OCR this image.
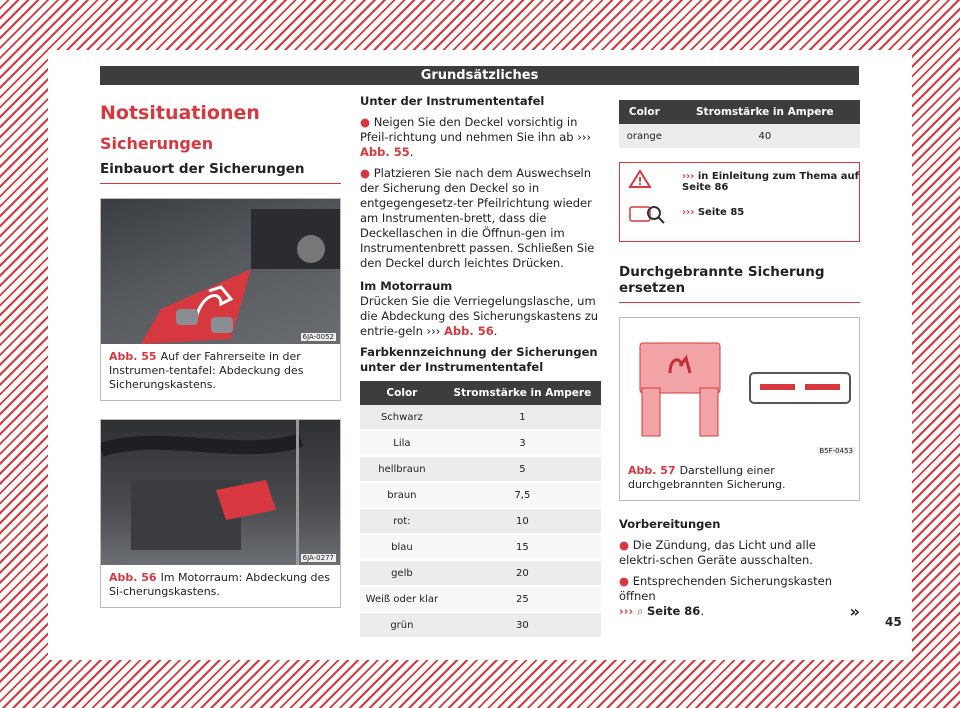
Grundsätzliches
Notsituationen
Sicherungen
Einbauort der Sicherungen
6JA-0052
Abb. 55 Auf der Fahrerseite in der Instrumen-tentafel: Abdeckung des Sicherungskastens.
6JA-0277
Abb. 56 Im Motorraum: Abdeckung des Si-cherungskastens.

Unter der Instrumententafel

● Neigen Sie den Deckel vorsichtig in Pfeil-richtung und nehmen Sie ihn ab ››› Abb. 55.

● Platzieren Sie nach dem Auswechseln der Sicherung den Deckel so in entgegengesetz-ter Pfeilrichtung wieder am Instrumenten-brett, dass die Deckellaschen in die Öffnun-gen im Instrumentenbrett passen. Schließen Sie den Deckel durch leichtes Drücken.

Im Motorraum
Drücken Sie die Verriegelungslasche, um die Abdeckung des Sicherungskastens zu entrie-geln ››› Abb. 56.

Farbkennzeichnung der Sicherungen unter der Instrumententafel

Color	Stromstärke in Ampere
Schwarz	1
Lila	3
hellbraun	5
braun	7,5
rot:	10
blau	15
gelb	20
Weiß oder klar	25
grün	30
Color	Stromstärke in Ampere
orange	40
!	››› in Einleitung zum Thema auf Seite 86
››› Seite 85
Durchgebrannte Sicherung ersetzen
B5F-0453
Abb. 57 Darstellung einer durchgebrannten Sicherung.

Vorbereitungen

● Die Zündung, das Licht und alle elektri-schen Geräte ausschalten.

● Entsprechenden Sicherungskasten öffnen
››› ⌕ Seite 86.	»

45
